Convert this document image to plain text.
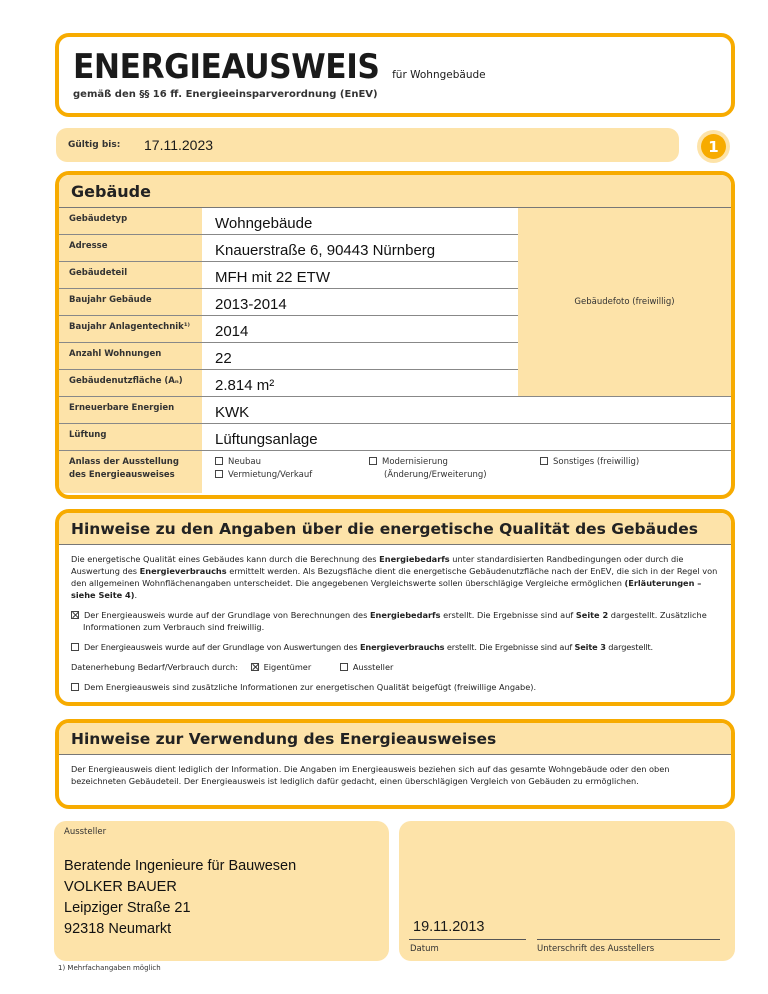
ENERGIEAUSWEIS für Wohngebäude
gemäß den §§ 16 ff. Energieeinsparverordnung (EnEV)
Gültig bis:	17.11.2023	1
Gebäude
Gebäudefoto (freiwillig)
Gebäudetyp	Wohngebäude
Adresse	Knauerstraße 6, 90443 Nürnberg
Gebäudeteil	MFH mit 22 ETW
Baujahr Gebäude	2013-2014
Baujahr Anlagentechnik¹⁾	2014
Anzahl Wohnungen	22
Gebäudenutzfläche (Aₙ)	2.814 m²
Erneuerbare Energien	KWK
Lüftung	Lüftungsanlage
Anlass der Ausstellung
des Energieausweises
Neubau
Vermietung/Verkauf
Modernisierung
(Änderung/Erweiterung)
Sonstiges (freiwillig)
Hinweise zu den Angaben über die energetische Qualität des Gebäudes
Die energetische Qualität eines Gebäudes kann durch die Berechnung des Energiebedarfs unter standardisierten Randbedingungen oder durch die Auswertung des Energieverbrauchs ermittelt werden. Als Bezugsfläche dient die energetische Gebäudenutzfläche nach der EnEV, die sich in der Regel von den allgemeinen Wohnflächenangaben unterscheidet. Die angegebenen Vergleichswerte sollen überschlägige Vergleiche ermöglichen (Erläuterungen – siehe Seite 4).
Der Energieausweis wurde auf der Grundlage von Berechnungen des Energiebedarfs erstellt. Die Ergebnisse sind auf Seite 2 dargestellt. Zusätzliche Informationen zum Verbrauch sind freiwillig.
Der Energieausweis wurde auf der Grundlage von Auswertungen des Energieverbrauchs erstellt. Die Ergebnisse sind auf Seite 3 dargestellt.
Datenerhebung Bedarf/Verbrauch durch:	Eigentümer	Aussteller
Dem Energieausweis sind zusätzliche Informationen zur energetischen Qualität beigefügt (freiwillige Angabe).
Hinweise zur Verwendung des Energieausweises
Der Energieausweis dient lediglich der Information. Die Angaben im Energieausweis beziehen sich auf das gesamte Wohngebäude oder den oben bezeichneten Gebäudeteil. Der Energieausweis ist lediglich dafür gedacht, einen überschlägigen Vergleich von Gebäuden zu ermöglichen.
Aussteller
Beratende Ingenieure für Bauwesen
VOLKER BAUER
Leipziger Straße 21
92318 Neumarkt	19.11.2013
Datum	Unterschrift des Ausstellers
1) Mehrfachangaben möglich
